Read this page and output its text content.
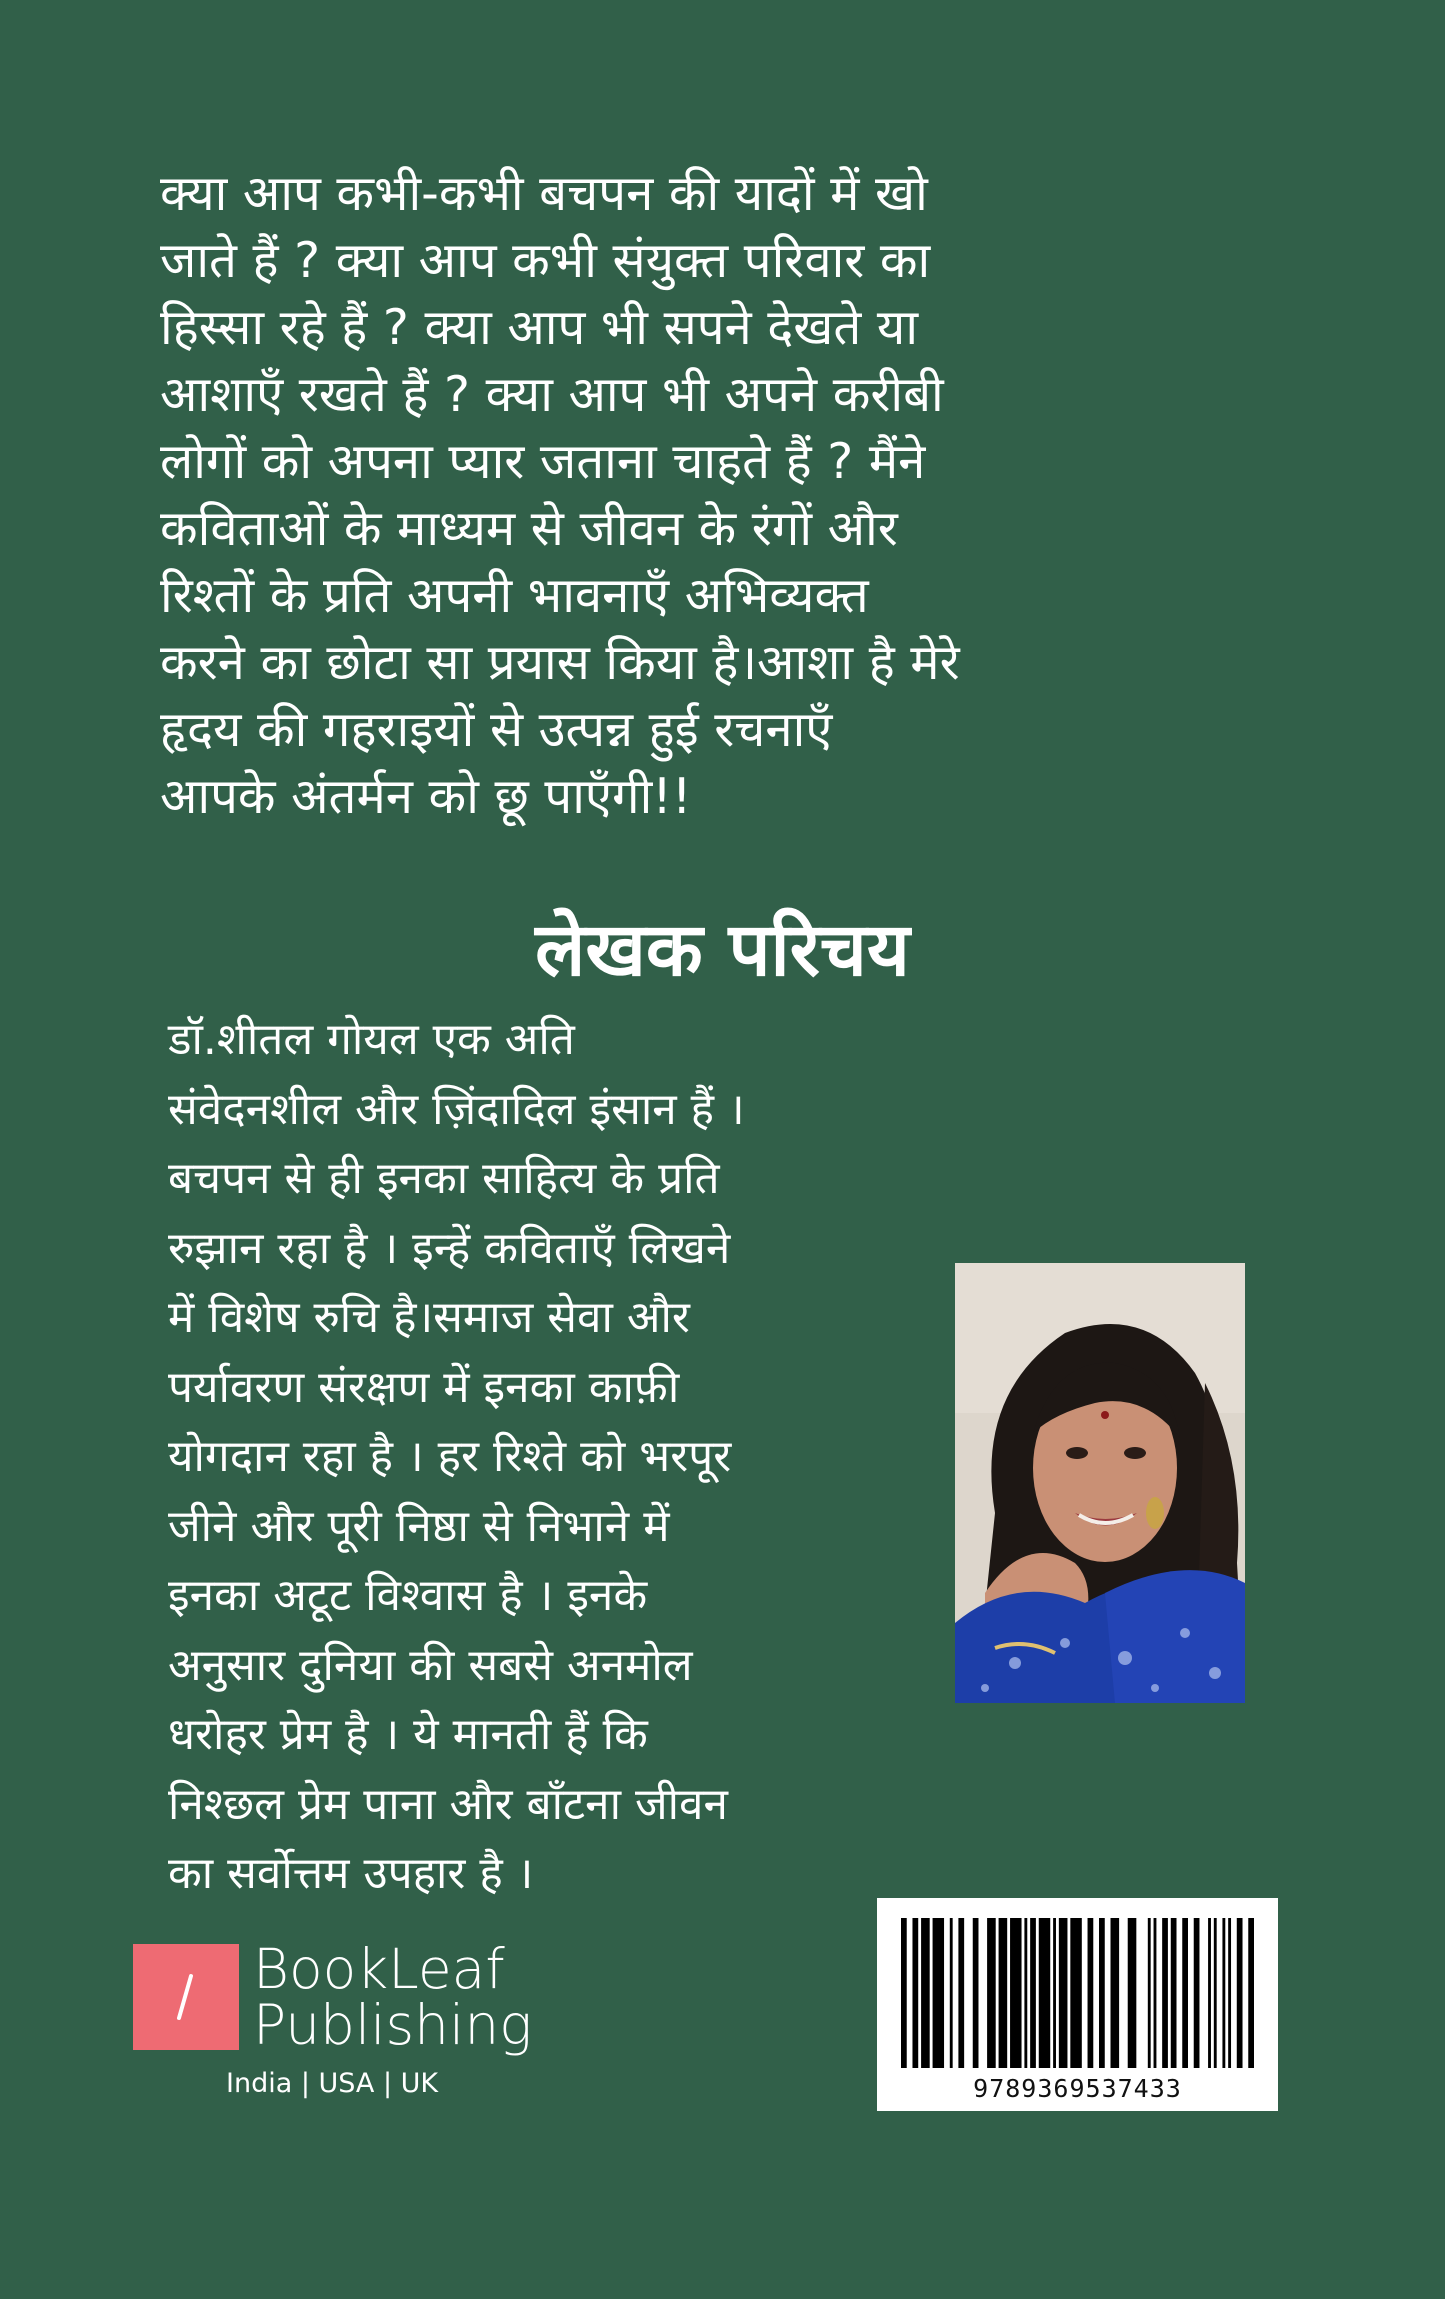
क्या आप कभी-कभी बचपन की यादों में खो
जाते हैं ? क्या आप कभी संयुक्त परिवार का
हिस्सा रहे हैं ? क्या आप भी सपने देखते या
आशाएँ रखते हैं ? क्या आप भी अपने करीबी
लोगों को अपना प्यार जताना चाहते हैं ? मैंने
कविताओं के माध्यम से जीवन के रंगों और
रिश्तों के प्रति अपनी भावनाएँ अभिव्यक्त
करने का छोटा सा प्रयास किया है।आशा है मेरे
हृदय की गहराइयों से उत्पन्न हुई रचनाएँ
आपके अंतर्मन को छू पाएँगी!!
लेखक परिचय
डॉ.शीतल गोयल एक अति
संवेदनशील और ज़िंदादिल इंसान हैं ।
बचपन से ही इनका साहित्य के प्रति
रुझान रहा है । इन्हें कविताएँ लिखने
में विशेष रुचि है।समाज सेवा और
पर्यावरण संरक्षण में इनका काफ़ी
योगदान रहा है । हर रिश्ते को भरपूर
जीने और पूरी निष्ठा से निभाने में
इनका अटूट विश्वास है । इनके
अनुसार दुनिया की सबसे अनमोल
धरोहर प्रेम है । ये मानती हैं कि
निश्छल प्रेम पाना और बाँटना जीवन
का सर्वोत्तम उपहार है ।
BookLeaf
Publishing
India | USA | UK	9789369537433
